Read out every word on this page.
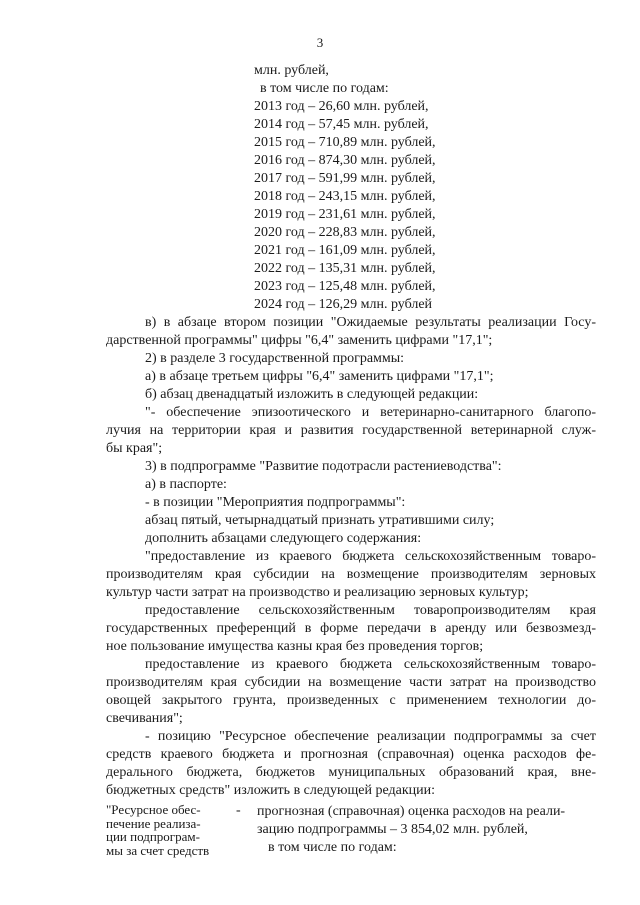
3
млн. рублей,
в том числе по годам:
2013 год – 26,60 млн. рублей,
2014 год – 57,45 млн. рублей,
2015 год – 710,89 млн. рублей,
2016 год – 874,30 млн. рублей,
2017 год – 591,99 млн. рублей,
2018 год – 243,15 млн. рублей,
2019 год – 231,61 млн. рублей,
2020 год – 228,83 млн. рублей,
2021 год – 161,09 млн. рублей,
2022 год – 135,31 млн. рублей,
2023 год – 125,48 млн. рублей,
2024 год – 126,29 млн. рублей
в) в абзаце втором позиции "Ожидаемые результаты реализации Госу-
дарственной программы" цифры "6,4" заменить цифрами "17,1";
2) в разделе 3 государственной программы:
а) в абзаце третьем цифры "6,4" заменить цифрами "17,1";
б) абзац двенадцатый изложить в следующей редакции:
"- обеспечение эпизоотического и ветеринарно-санитарного благопо-
лучия на территории края и развития государственной ветеринарной служ-
бы края";
3) в подпрограмме "Развитие подотрасли растениеводства":
а) в паспорте:
- в позиции "Мероприятия подпрограммы":
абзац пятый, четырнадцатый признать утратившими силу;
дополнить абзацами следующего содержания:
"предоставление из краевого бюджета сельскохозяйственным товаро-
производителям края субсидии на возмещение производителям зерновых
культур части затрат на производство и реализацию зерновых культур;
предоставление сельскохозяйственным товаропроизводителям края
государственных преференций в форме передачи в аренду или безвозмезд-
ное пользование имущества казны края без проведения торгов;
предоставление из краевого бюджета сельскохозяйственным товаро-
производителям края субсидии на возмещение части затрат на производство
овощей закрытого грунта, произведенных с применением технологии до-
свечивания";
- позицию "Ресурсное обеспечение реализации подпрограммы за счет
средств краевого бюджета и прогнозная (справочная) оценка расходов фе-
дерального бюджета, бюджетов муниципальных образований края, вне-
бюджетных средств" изложить в следующей редакции:
"Ресурсное обес-
печение реализа-
ции подпрограм-
мы за счет средств
- прогнозная (справочная) оценка расходов на реали-
зацию подпрограммы – 3 854,02 млн. рублей,
в том числе по годам:
